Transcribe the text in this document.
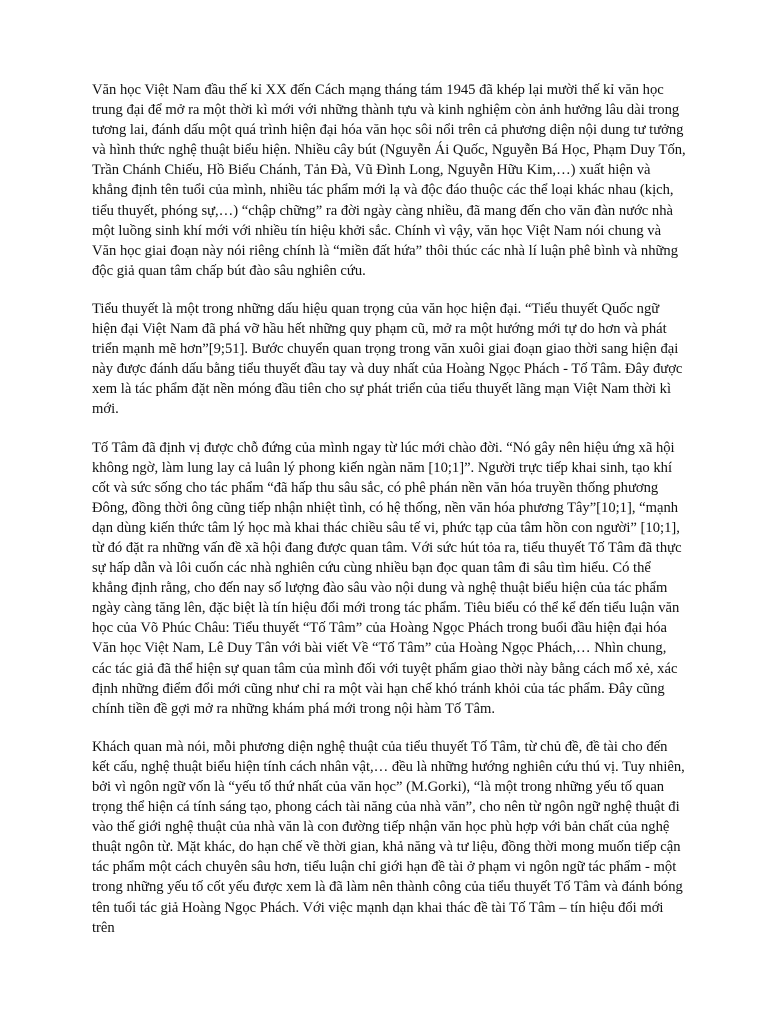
Văn học Việt Nam đầu thế kỉ XX đến Cách mạng tháng tám 1945 đã khép lại mười thế kỉ văn học trung đại để mở ra một thời kì mới với những thành tựu và kinh nghiệm còn ảnh hưởng lâu dài trong tương lai, đánh dấu một quá trình hiện đại hóa văn học sôi nổi trên cả phương diện nội dung tư tưởng và hình thức nghệ thuật biểu hiện. Nhiều cây bút (Nguyễn Ái Quốc, Nguyễn Bá Học, Phạm Duy Tốn, Trần Chánh Chiếu, Hồ Biểu Chánh, Tản Đà, Vũ Đình Long, Nguyễn Hữu Kim,…) xuất hiện và khẳng định tên tuổi của mình, nhiều tác phẩm mới lạ và độc đáo thuộc các thể loại khác nhau (kịch, tiểu thuyết, phóng sự,…) “chập chững” ra đời ngày càng nhiều, đã mang đến cho văn đàn nước nhà một luồng sinh khí mới với nhiều tín hiệu khởi sắc. Chính vì vậy, văn học Việt Nam nói chung và Văn học giai đoạn này nói riêng chính là “miền đất hứa” thôi thúc các nhà lí luận phê bình và những độc giả quan tâm chấp bút đào sâu nghiên cứu.

Tiểu thuyết là một trong những dấu hiệu quan trọng của văn học hiện đại. “Tiểu thuyết Quốc ngữ hiện đại Việt Nam đã phá vỡ hầu hết những quy phạm cũ, mở ra một hướng mới tự do hơn và phát triển mạnh mẽ hơn”[9;51]. Bước chuyển quan trọng trong văn xuôi giai đoạn giao thời sang hiện đại này được đánh dấu bằng tiểu thuyết đầu tay và duy nhất của Hoàng Ngọc Phách - Tố Tâm. Đây được xem là tác phẩm đặt nền móng đầu tiên cho sự phát triển của tiểu thuyết lãng mạn Việt Nam thời kì mới.

Tố Tâm đã định vị được chỗ đứng của mình ngay từ lúc mới chào đời. “Nó gây nên hiệu ứng xã hội không ngờ, làm lung lay cả luân lý phong kiến ngàn năm [10;1]”. Người trực tiếp khai sinh, tạo khí cốt và sức sống cho tác phẩm “đã hấp thu sâu sắc, có phê phán nền văn hóa truyền thống phương Đông, đồng thời ông cũng tiếp nhận nhiệt tình, có hệ thống, nền văn hóa phương Tây”[10;1], “mạnh dạn dùng kiến thức tâm lý học mà khai thác chiều sâu tế vi, phức tạp của tâm hồn con người” [10;1], từ đó đặt ra những vấn đề xã hội đang được quan tâm. Với sức hút tỏa ra, tiểu thuyết Tố Tâm đã thực sự hấp dẫn và lôi cuốn các nhà nghiên cứu cùng nhiều bạn đọc quan tâm đi sâu tìm hiểu. Có thể khẳng định rằng, cho đến nay số lượng đào sâu vào nội dung và nghệ thuật biểu hiện của tác phẩm ngày càng tăng lên, đặc biệt là tín hiệu đổi mới trong tác phẩm. Tiêu biểu có thể kể đến tiểu luận văn học của Võ Phúc Châu: Tiểu thuyết “Tố Tâm” của Hoàng Ngọc Phách trong buổi đầu hiện đại hóa Văn học Việt Nam, Lê Duy Tân với bài viết Về “Tố Tâm” của Hoàng Ngọc Phách,… Nhìn chung, các tác giả đã thể hiện sự quan tâm của mình đối với tuyệt phẩm giao thời này bằng cách mổ xẻ, xác định những điểm đổi mới cũng như chỉ ra một vài hạn chế khó tránh khỏi của tác phẩm. Đây cũng chính tiền đề gợi mở ra những khám phá mới trong nội hàm Tố Tâm.

Khách quan mà nói, mỗi phương diện nghệ thuật của tiểu thuyết Tố Tâm, từ chủ đề, đề tài cho đến kết cấu, nghệ thuật biểu hiện tính cách nhân vật,… đều là những hướng nghiên cứu thú vị. Tuy nhiên, bởi vì ngôn ngữ vốn là “yếu tố thứ nhất của văn học” (M.Gorki), “là một trong những yếu tố quan trọng thể hiện cá tính sáng tạo, phong cách tài năng của nhà văn”, cho nên từ ngôn ngữ nghệ thuật đi vào thế giới nghệ thuật của nhà văn là con đường tiếp nhận văn học phù hợp với bản chất của nghệ thuật ngôn từ. Mặt khác, do hạn chế về thời gian, khả năng và tư liệu, đồng thời mong muốn tiếp cận tác phẩm một cách chuyên sâu hơn, tiểu luận chỉ giới hạn đề tài ở phạm vi ngôn ngữ tác phẩm - một trong những yếu tố cốt yếu được xem là đã làm nên thành công của tiểu thuyết Tố Tâm và đánh bóng tên tuổi tác giả Hoàng Ngọc Phách. Với việc mạnh dạn khai thác đề tài Tố Tâm – tín hiệu đổi mới trên
